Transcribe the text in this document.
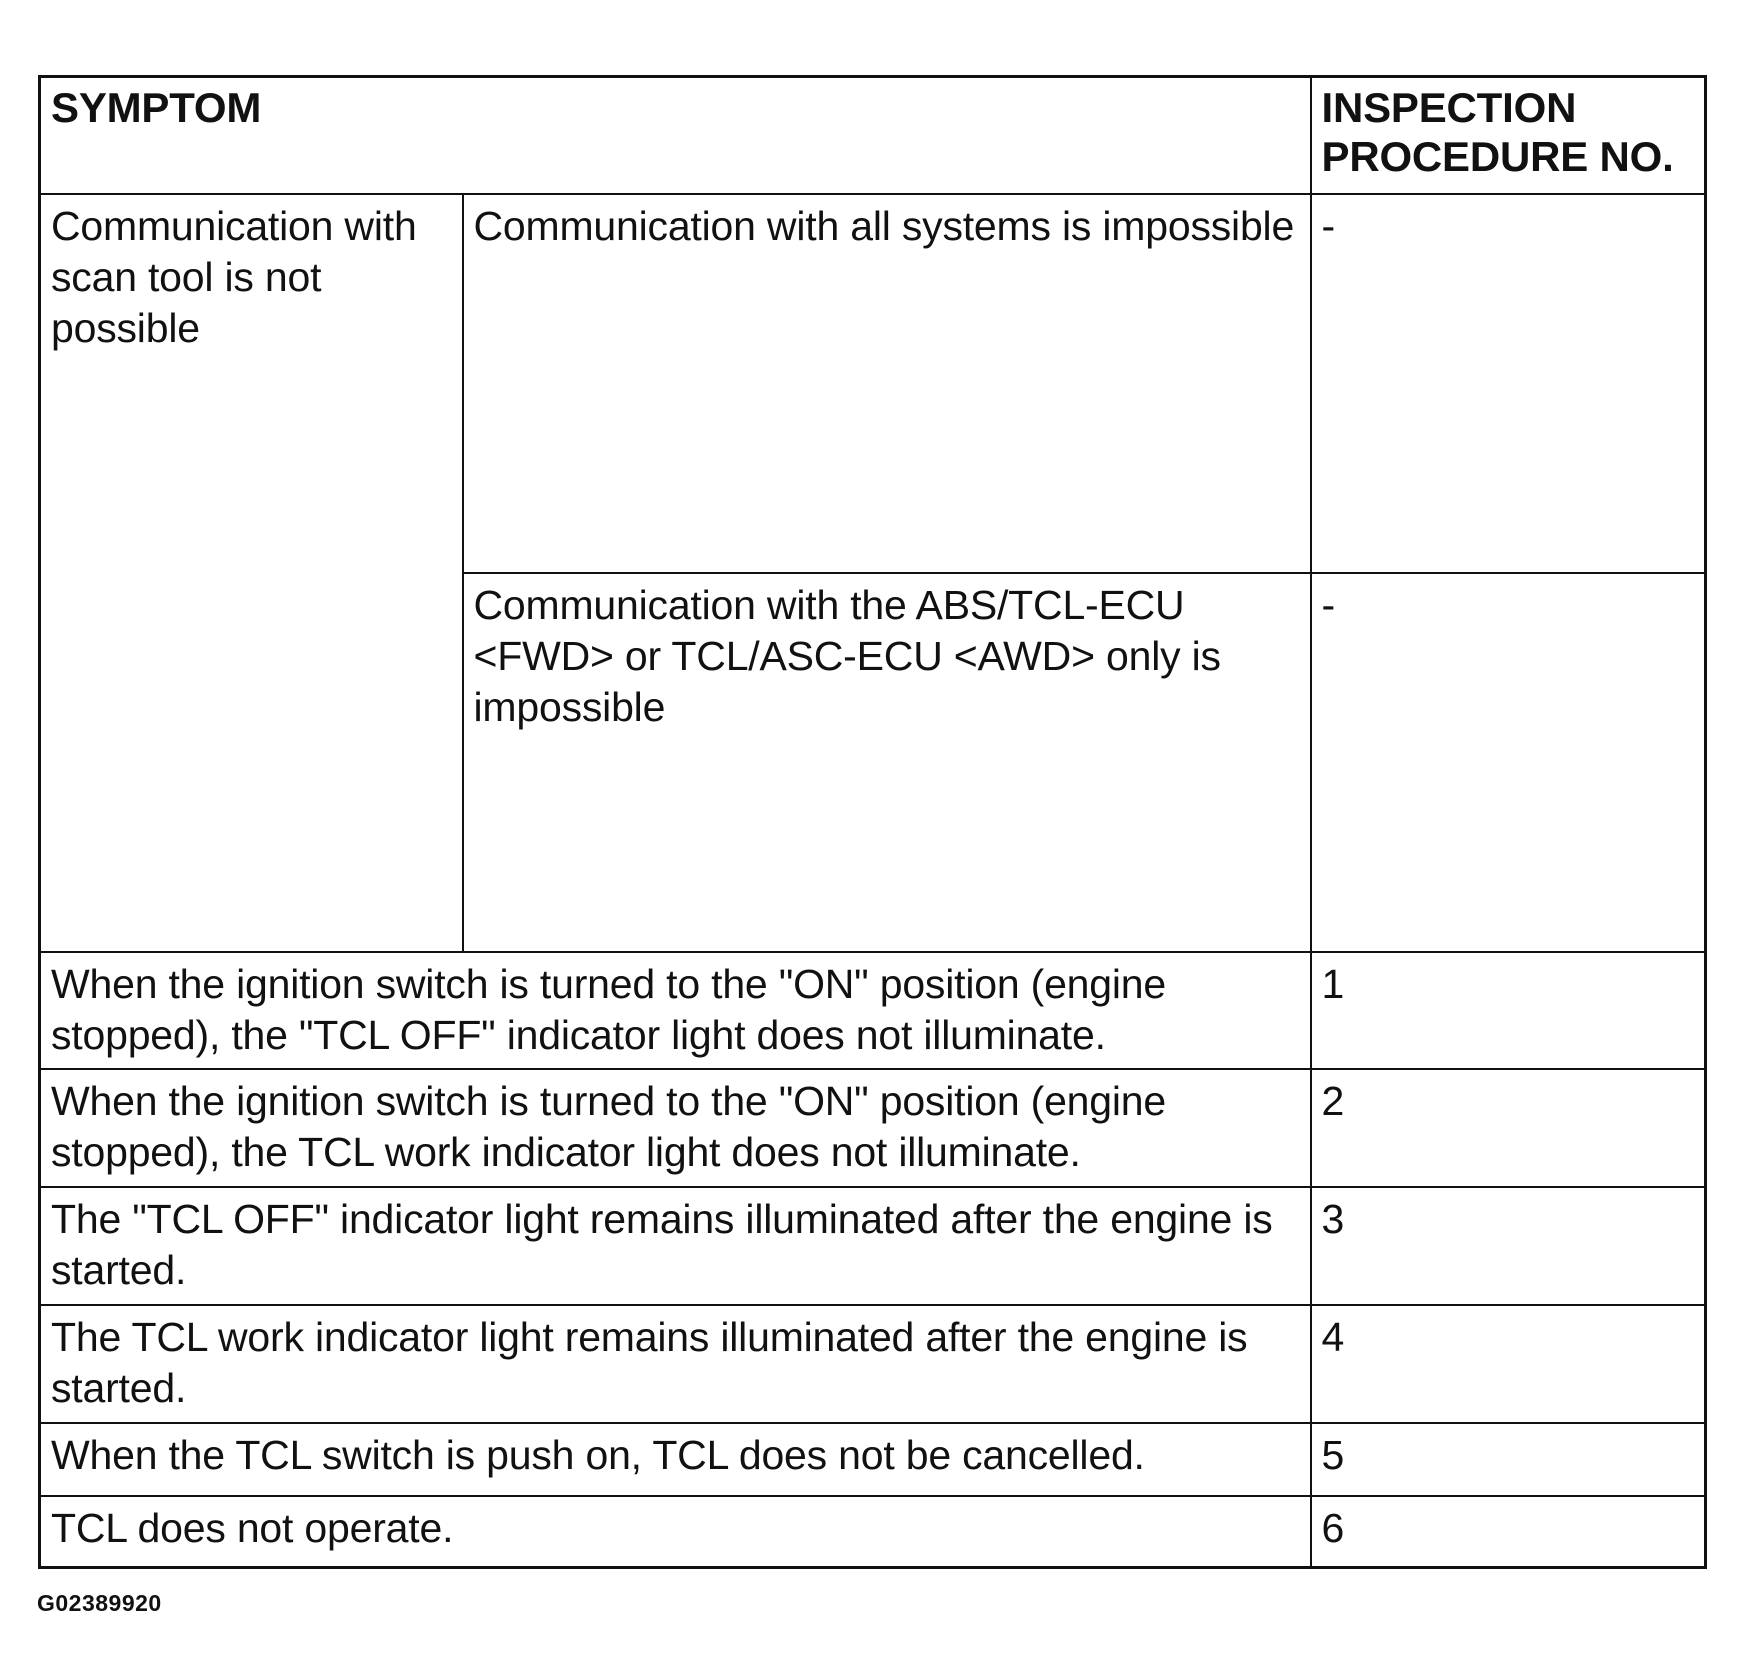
SYMPTOM		INSPECTION
PROCEDURE NO.
Communication with scan tool is not possible	Communication with all systems is impossible	-
	Communication with the ABS/TCL-ECU <FWD> or TCL/ASC-ECU <AWD> only is impossible	-
When the ignition switch is turned to the "ON" position (engine stopped), the "TCL OFF" indicator light does not illuminate.		1
When the ignition switch is turned to the "ON" position (engine stopped), the TCL work indicator light does not illuminate.		2
The "TCL OFF" indicator light remains illuminated after the engine is started.		3
The TCL work indicator light remains illuminated after the engine is started.		4
When the TCL switch is push on, TCL does not be cancelled.		5
TCL does not operate.		6
G02389920
